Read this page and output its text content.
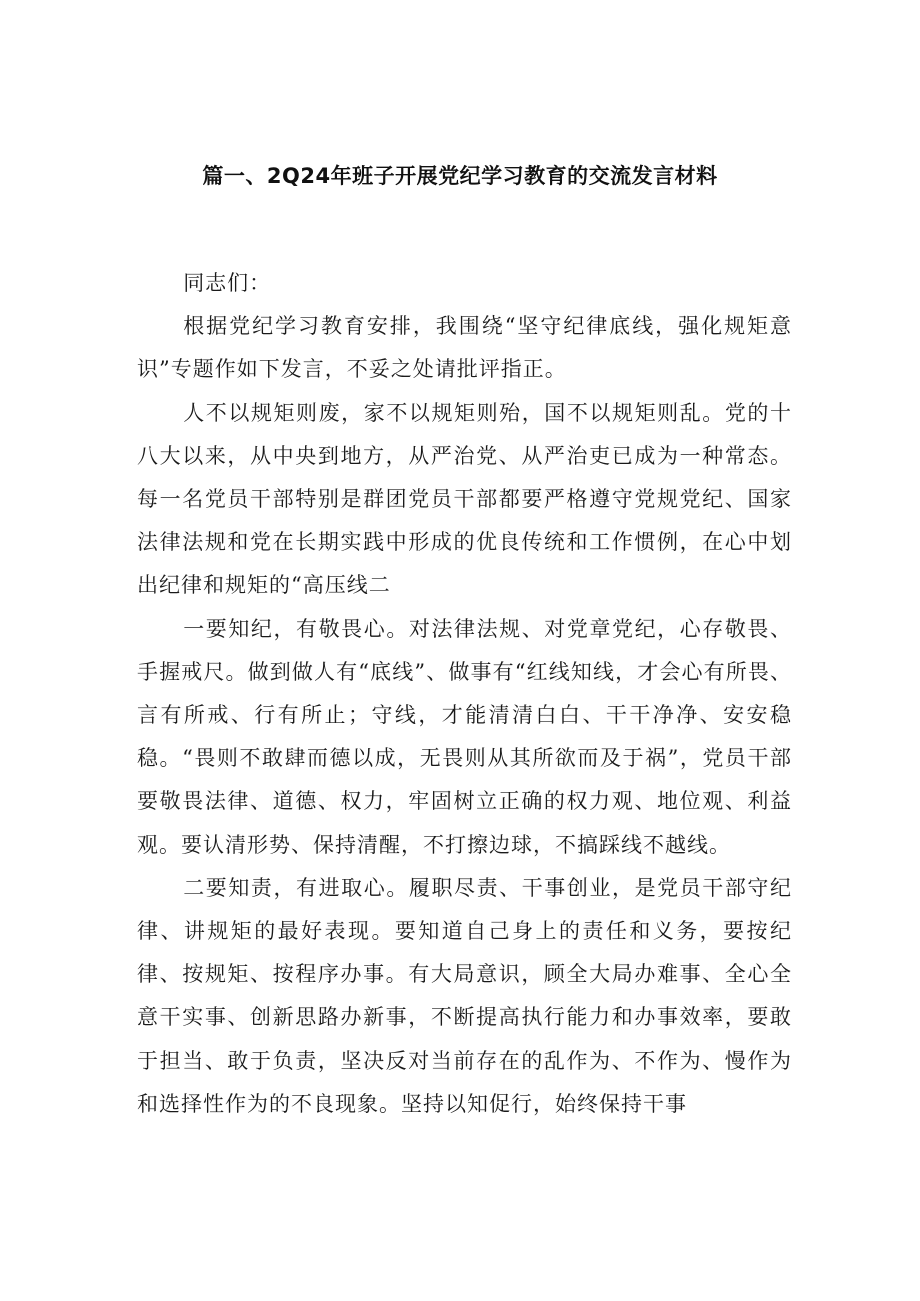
篇一、2Q24年班子开展党纪学习教育的交流发言材料

同志们：

根据党纪学习教育安排，我围绕“坚守纪律底线，强化规矩意识”专题作如下发言，不妥之处请批评指正。

人不以规矩则废，家不以规矩则殆，国不以规矩则乱。党的十八大以来，从中央到地方，从严治党、从严治吏已成为一种常态。每一名党员干部特别是群团党员干部都要严格遵守党规党纪、国家法律法规和党在长期实践中形成的优良传统和工作惯例，在心中划出纪律和规矩的“高压线二

一要知纪，有敬畏心。对法律法规、对党章党纪，心存敬畏、手握戒尺。做到做人有“底线”、做事有“红线知线，才会心有所畏、言有所戒、行有所止；守线，才能清清白白、干干净净、安安稳稳。“畏则不敢肆而德以成，无畏则从其所欲而及于祸”，党员干部要敬畏法律、道德、权力，牢固树立正确的权力观、地位观、利益观。要认清形势、保持清醒，不打擦边球，不搞踩线不越线。

二要知责，有进取心。履职尽责、干事创业，是党员干部守纪律、讲规矩的最好表现。要知道自己身上的责任和义务，要按纪律、按规矩、按程序办事。有大局意识，顾全大局办难事、全心全意干实事、创新思路办新事，不断提高执行能力和办事效率，要敢于担当、敢于负责，坚决反对当前存在的乱作为、不作为、慢作为和选择性作为的不良现象。坚持以知促行，始终保持干事
